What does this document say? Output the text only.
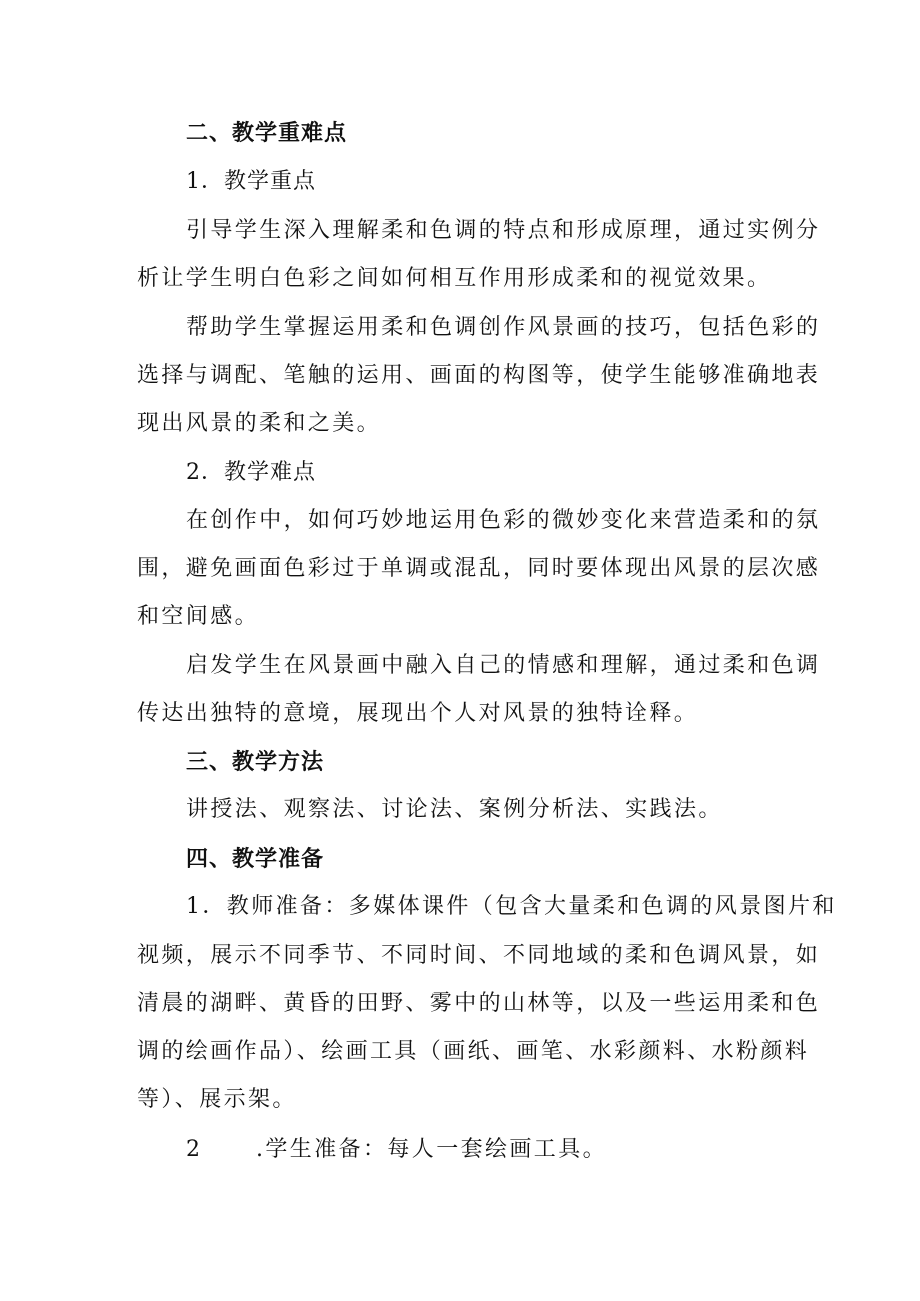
二、教学重难点
1．教学重点
引导学生深入理解柔和色调的特点和形成原理，通过实例分
析让学生明白色彩之间如何相互作用形成柔和的视觉效果。
帮助学生掌握运用柔和色调创作风景画的技巧，包括色彩的
选择与调配、笔触的运用、画面的构图等，使学生能够准确地表
现出风景的柔和之美。
2．教学难点
在创作中，如何巧妙地运用色彩的微妙变化来营造柔和的氛
围，避免画面色彩过于单调或混乱，同时要体现出风景的层次感
和空间感。
启发学生在风景画中融入自己的情感和理解，通过柔和色调
传达出独特的意境，展现出个人对风景的独特诠释。
三、教学方法
讲授法、观察法、讨论法、案例分析法、实践法。
四、教学准备
1．教师准备：多媒体课件（包含大量柔和色调的风景图片和
视频，展示不同季节、不同时间、不同地域的柔和色调风景，如
清晨的湖畔、黄昏的田野、雾中的山林等，以及一些运用柔和色
调的绘画作品）、绘画工具（画纸、画笔、水彩颜料、水粉颜料
等）、展示架。
2 .学生准备：每人一套绘画工具。
